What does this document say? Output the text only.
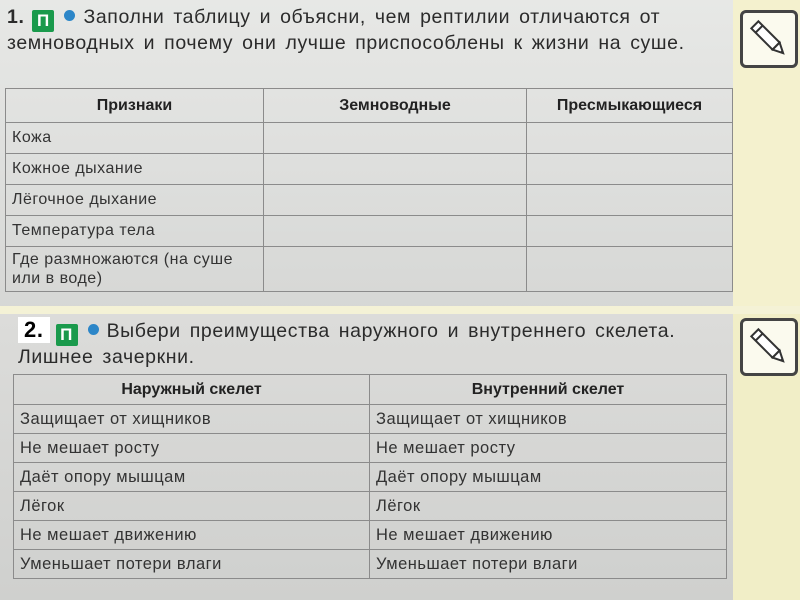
1. П Заполни таблицу и объясни, чем рептилии отличаются от земноводных и почему они лучше приспособлены к жизни на суше.
Признаки	Земноводные	Пресмыкающиеся
Кожа		
Кожное дыхание		
Лёгочное дыхание		
Температура тела		
Где размножаются (на суше или в воде)		
2. П Выбери преимущества наружного и внутреннего скелета. Лишнее зачеркни.
Наружный скелет	Внутренний скелет
Защищает от хищников	Защищает от хищников
Не мешает росту	Не мешает росту
Даёт опору мышцам	Даёт опору мышцам
Лёгок	Лёгок
Не мешает движению	Не мешает движению
Уменьшает потери влаги	Уменьшает потери влаги
